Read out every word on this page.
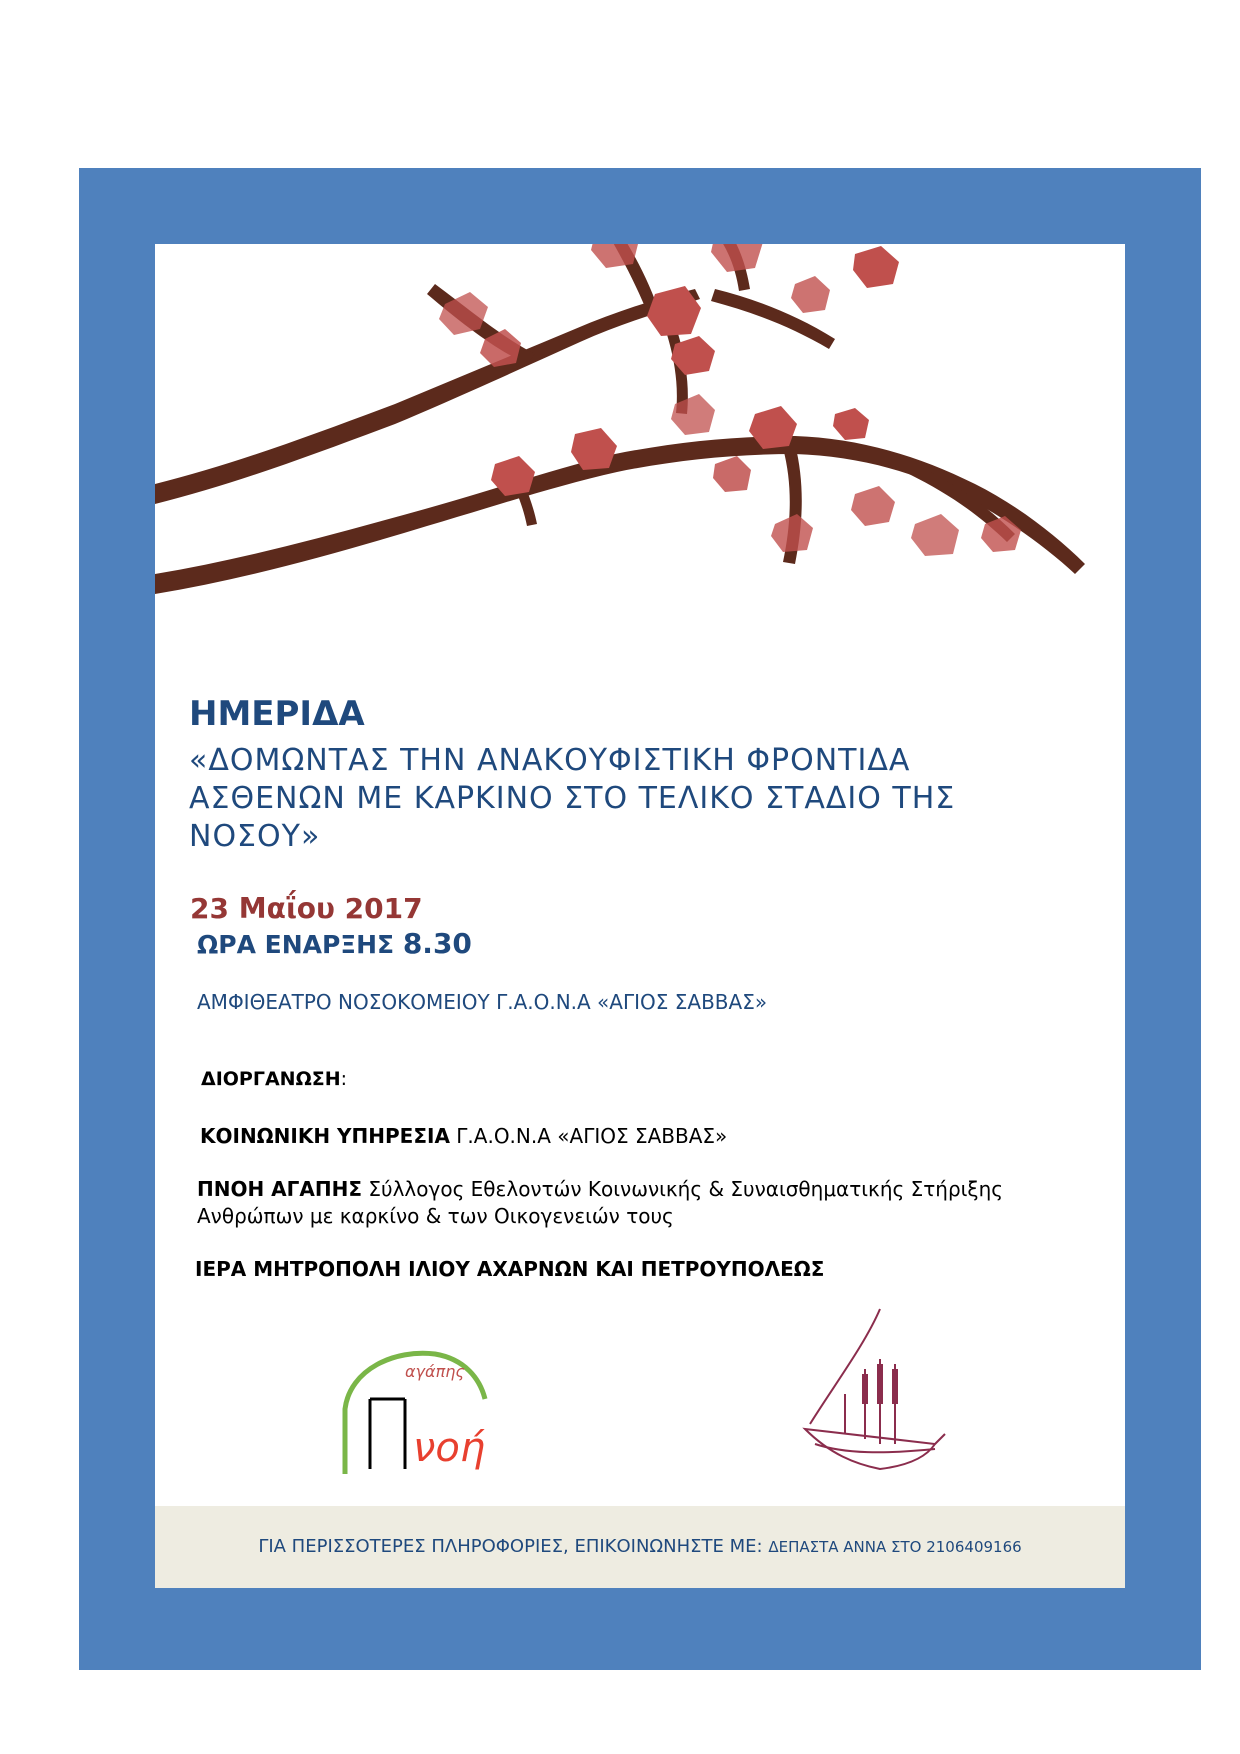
ΗΜΕΡΙΔΑ
«ΔΟΜΩΝΤΑΣ ΤΗΝ ΑΝΑΚΟΥΦΙΣΤΙΚΗ ΦΡΟΝΤΙΔΑ
ΑΣΘΕΝΩΝ ΜΕ ΚΑΡΚΙΝΟ ΣΤΟ ΤΕΛΙΚΟ ΣΤΑΔΙΟ ΤΗΣ
ΝΟΣΟΥ»
23 Μαΐου 2017
ΩΡΑ ΕΝΑΡΞΗΣ 8.30
ΑΜΦΙΘΕΑΤΡΟ ΝΟΣΟΚΟΜΕΙΟΥ Γ.Α.Ο.Ν.Α «ΑΓΙΟΣ ΣΑΒΒΑΣ»
ΔΙΟΡΓΑΝΩΣΗ:
ΚΟΙΝΩΝΙΚΗ ΥΠΗΡΕΣΙΑ Γ.Α.Ο.Ν.Α «ΑΓΙΟΣ ΣΑΒΒΑΣ»
ΠΝΟΗ ΑΓΑΠΗΣ Σύλλογος Εθελοντών Κοινωνικής & Συναισθηματικής Στήριξης
Ανθρώπων με καρκίνο & των Οικογενειών τους
ΙΕΡΑ ΜΗΤΡΟΠΟΛΗ ΙΛΙΟΥ ΑΧΑΡΝΩΝ ΚΑΙ ΠΕΤΡΟΥΠΟΛΕΩΣ
αγάπης
νοή
ΓΙΑ ΠΕΡΙΣΣΟΤΕΡΕΣ ΠΛΗΡΟΦΟΡΙΕΣ, ΕΠΙΚΟΙΝΩΝΗΣΤΕ ΜΕ: ΔΕΠΑΣΤΑ ΑΝΝΑ ΣΤΟ 2106409166
